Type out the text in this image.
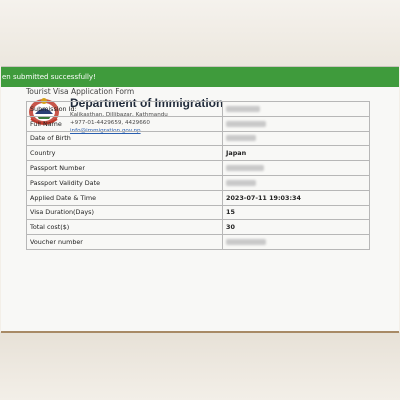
en submitted successfully!
Department of Immigration
Kalikasthan, Dillibazar, Kathmandu
+977-01-4429659, 4429660
info@immigration.gov.np
Tourist Visa Application Form
Submission Id:	
Full Name	
Date of Birth	
Country	Japan
Passport Number	
Passport Validity Date	
Applied Date & Time	2023-07-11 19:03:34
Visa Duration(Days)	15
Total cost($)	30
Voucher number	
